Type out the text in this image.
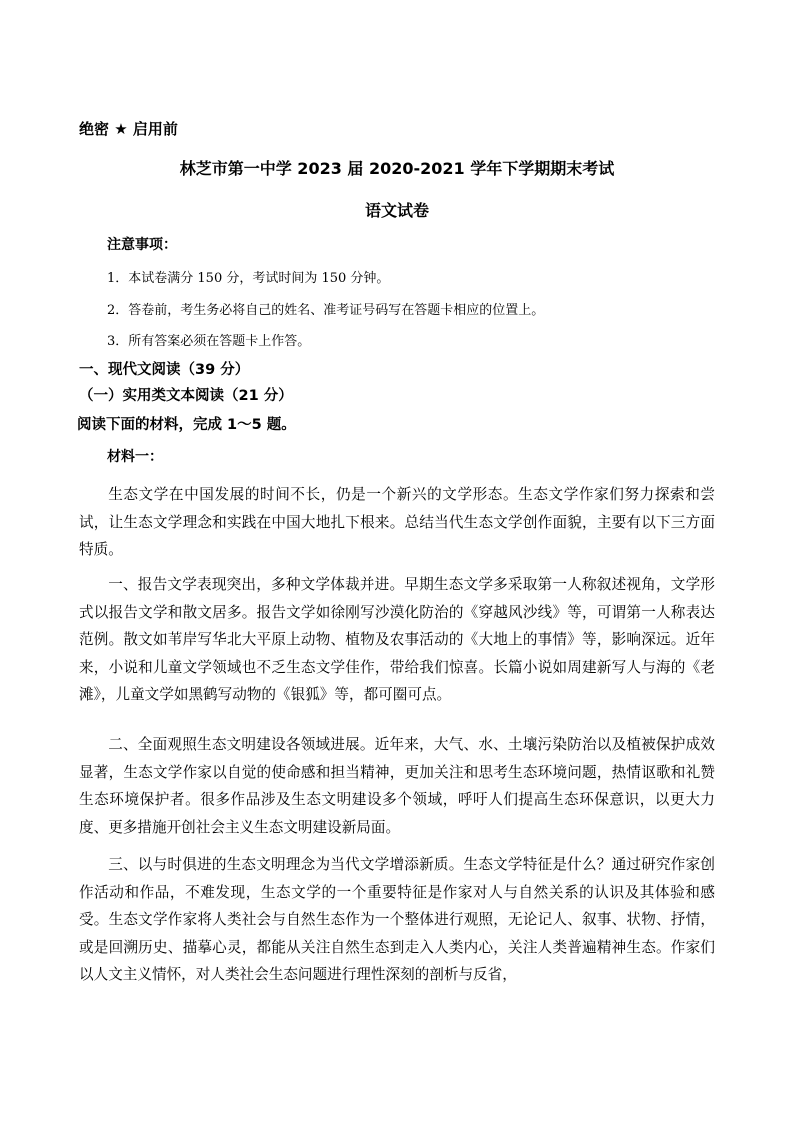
绝密 ★ 启用前
林芝市第一中学 2023 届 2020-2021 学年下学期期末考试
语文试卷
注意事项：
1．本试卷满分 150 分，考试时间为 150 分钟。
2．答卷前，考生务必将自己的姓名、准考证号码写在答题卡相应的位置上。
3．所有答案必须在答题卡上作答。
一、现代文阅读（39 分）
（一）实用类文本阅读（21 分）
阅读下面的材料，完成 1～5 题。
材料一：
生态文学在中国发展的时间不长，仍是一个新兴的文学形态。生态文学作家们努力探索和尝试，让生态文学理念和实践在中国大地扎下根来。总结当代生态文学创作面貌，主要有以下三方面特质。
一、报告文学表现突出，多种文学体裁并进。早期生态文学多采取第一人称叙述视角，文学形式以报告文学和散文居多。报告文学如徐刚写沙漠化防治的《穿越风沙线》等，可谓第一人称表达范例。散文如苇岸写华北大平原上动物、植物及农事活动的《大地上的事情》等，影响深远。近年来，小说和儿童文学领域也不乏生态文学佳作，带给我们惊喜。长篇小说如周建新写人与海的《老滩》，儿童文学如黑鹤写动物的《银狐》等，都可圈可点。
二、全面观照生态文明建设各领域进展。近年来，大气、水、土壤污染防治以及植被保护成效显著，生态文学作家以自觉的使命感和担当精神，更加关注和思考生态环境问题，热情讴歌和礼赞生态环境保护者。很多作品涉及生态文明建设多个领域，呼吁人们提高生态环保意识，以更大力度、更多措施开创社会主义生态文明建设新局面。
三、以与时俱进的生态文明理念为当代文学增添新质。生态文学特征是什么？通过研究作家创作活动和作品，不难发现，生态文学的一个重要特征是作家对人与自然关系的认识及其体验和感受。生态文学作家将人类社会与自然生态作为一个整体进行观照，无论记人、叙事、状物、抒情，或是回溯历史、描摹心灵，都能从关注自然生态到走入人类内心，关注人类普遍精神生态。作家们以人文主义情怀，对人类社会生态问题进行理性深刻的剖析与反省，
